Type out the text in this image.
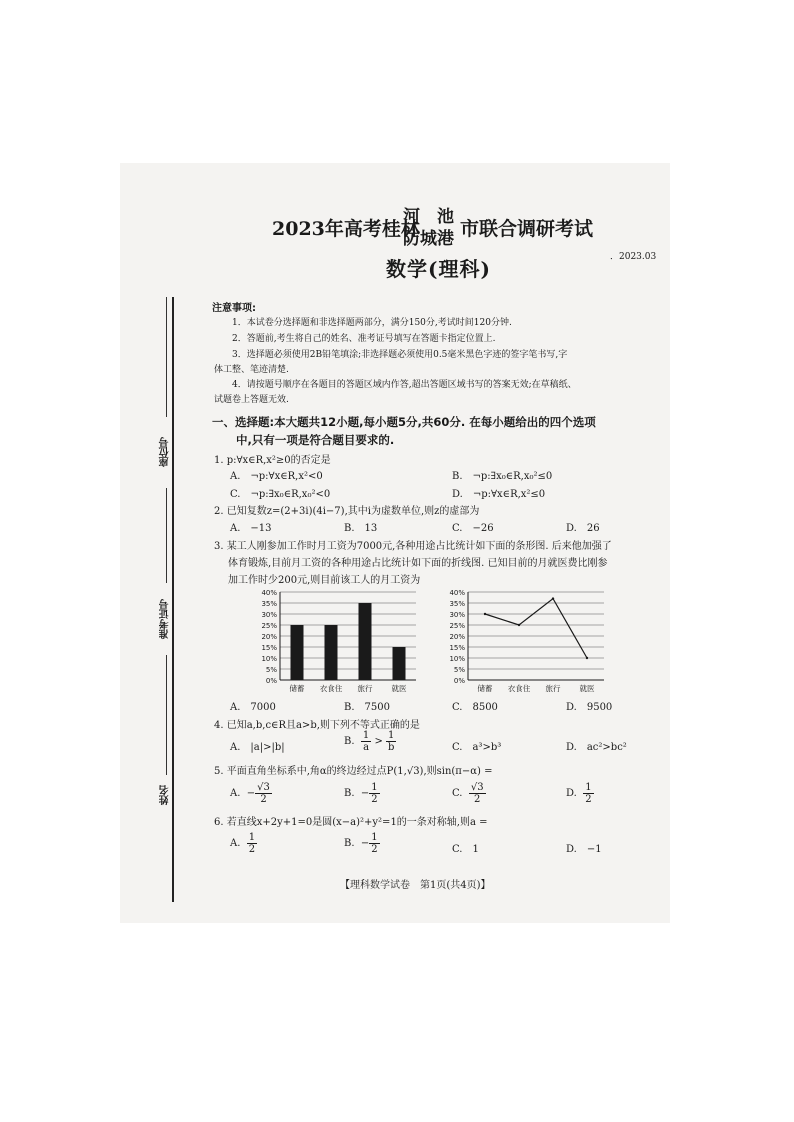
座位号
准考证号
姓名
2023年高考桂林
河　池
防城港 市联合调研考试
．2023.03
数学(理科)
注意事项:
1．本试卷分选择题和非选择题两部分，满分150分,考试时间120分钟.
2．答题前,考生将自己的姓名、准考证号填写在答题卡指定位置上.
3．选择题必须使用2B铅笔填涂;非选择题必须使用0.5毫米黑色字迹的签字笔书写,字
体工整、笔迹清楚.
4．请按题号顺序在各题目的答题区域内作答,超出答题区域书写的答案无效;在草稿纸、
试题卷上答题无效.
一、选择题:本大题共12小题,每小题5分,共60分. 在每小题给出的四个选项
中,只有一项是符合题目要求的.
1. p:∀x∈R,x²≥0的否定是
A.　¬p:∀x∈R,x²<0	B.　¬p:∃x₀∈R,x₀²≤0
C.　¬p:∃x₀∈R,x₀²<0	D.　¬p:∀x∈R,x²≤0
2. 已知复数z=(2+3i)(4i−7),其中i为虚数单位,则z的虚部为
A.　−13	B.　13	C.　−26	D.　26
3. 某工人刚参加工作时月工资为7000元,各种用途占比统计如下面的条形图. 后来他加强了
体育锻炼,目前月工资的各种用途占比统计如下面的折线图. 已知目前的月就医费比刚参
加工作时少200元,则目前该工人的月工资为
40%
35%
30%
25%
20%
15%
10%
5%
0%
储蓄 衣食住 旅行	就医
40%
35%
30%
25%
20%
15%
10%
5%
0%
储蓄 衣食住 旅行	就医
A.　7000	B.　7500	C.　8500	D.　9500
4. 已知a,b,c∈R且a>b,则下列不等式正确的是
A.　|a|>|b|
B. $\frac{1}{a} > \frac{1}{b}$	C.　a³>b³	D.　ac²>bc²
5. 平面直角坐标系中,角α的终边经过点P(1,√3),则sin(π−α) =
A. − $\frac{√3}{2}$	B. − $\frac{1}{2}$	C. $\frac{√3}{2}$	D. $\frac{1}{2}$
6. 若直线x+2y+1=0是圆(x−a)²+y²=1的一条对称轴,则a =
A. $\frac{1}{2}$	B. − $\frac{1}{2}$	C.　1	D.　−1
【理科数学试卷　第1页(共4页)】
